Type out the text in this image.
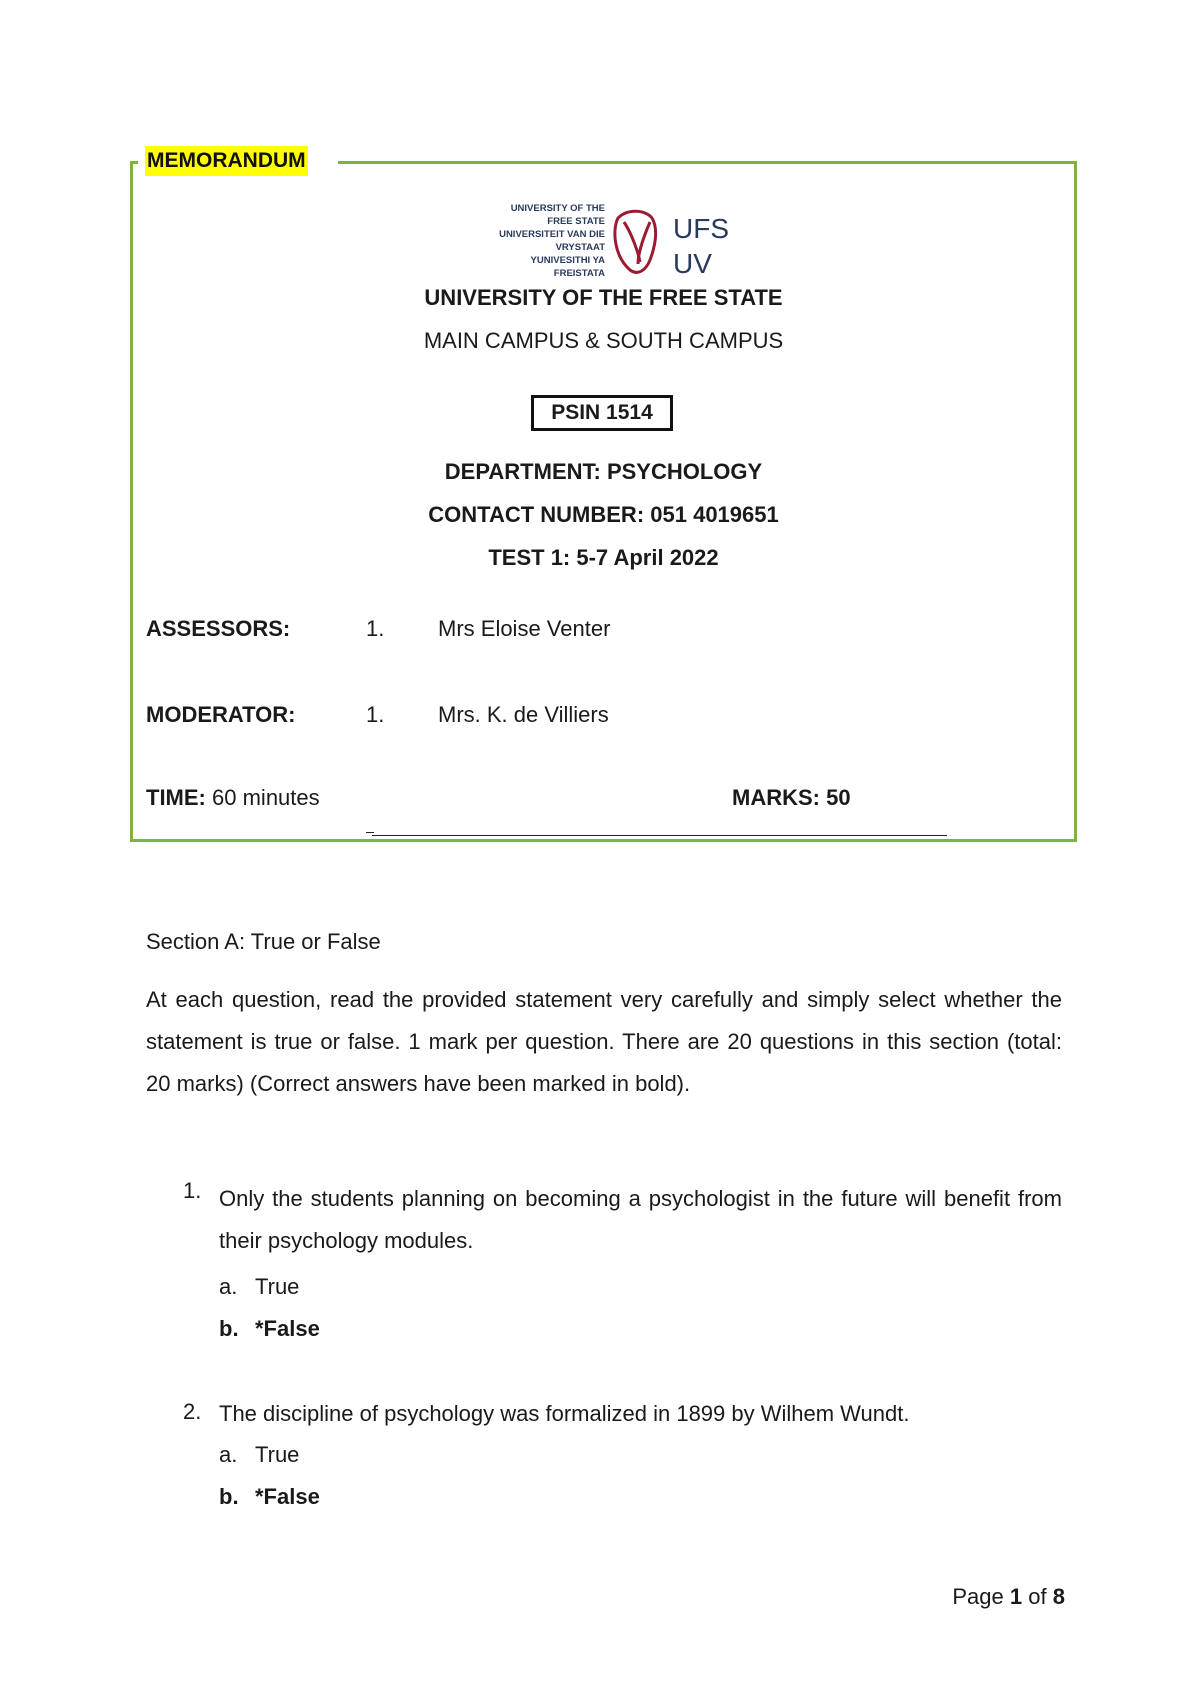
MEMORANDUM
UNIVERSITY OF THE
FREE STATE
UNIVERSITEIT VAN DIE
VRYSTAAT
YUNIVESITHI YA
FREISTATA
UFS
UV
UNIVERSITY OF THE FREE STATE
MAIN CAMPUS & SOUTH CAMPUS
PSIN 1514
DEPARTMENT: PSYCHOLOGY
CONTACT NUMBER: 051 4019651
TEST 1: 5-7 April 2022
ASSESSORS:	1. Mrs Eloise Venter
MODERATOR:	1. Mrs. K. de Villiers
TIME: 60 minutes	MARKS: 50
Section A: True or False
At each question, read the provided statement very carefully and simply select whether the statement is true or false. 1 mark per question. There are 20 questions in this section (total: 20 marks) (Correct answers have been marked in bold).
1. Only the students planning on becoming a psychologist in the future will benefit from their psychology modules.
a. True
b. *False
2. The discipline of psychology was formalized in 1899 by Wilhem Wundt.
a. True
b. *False
Page 1 of 8
